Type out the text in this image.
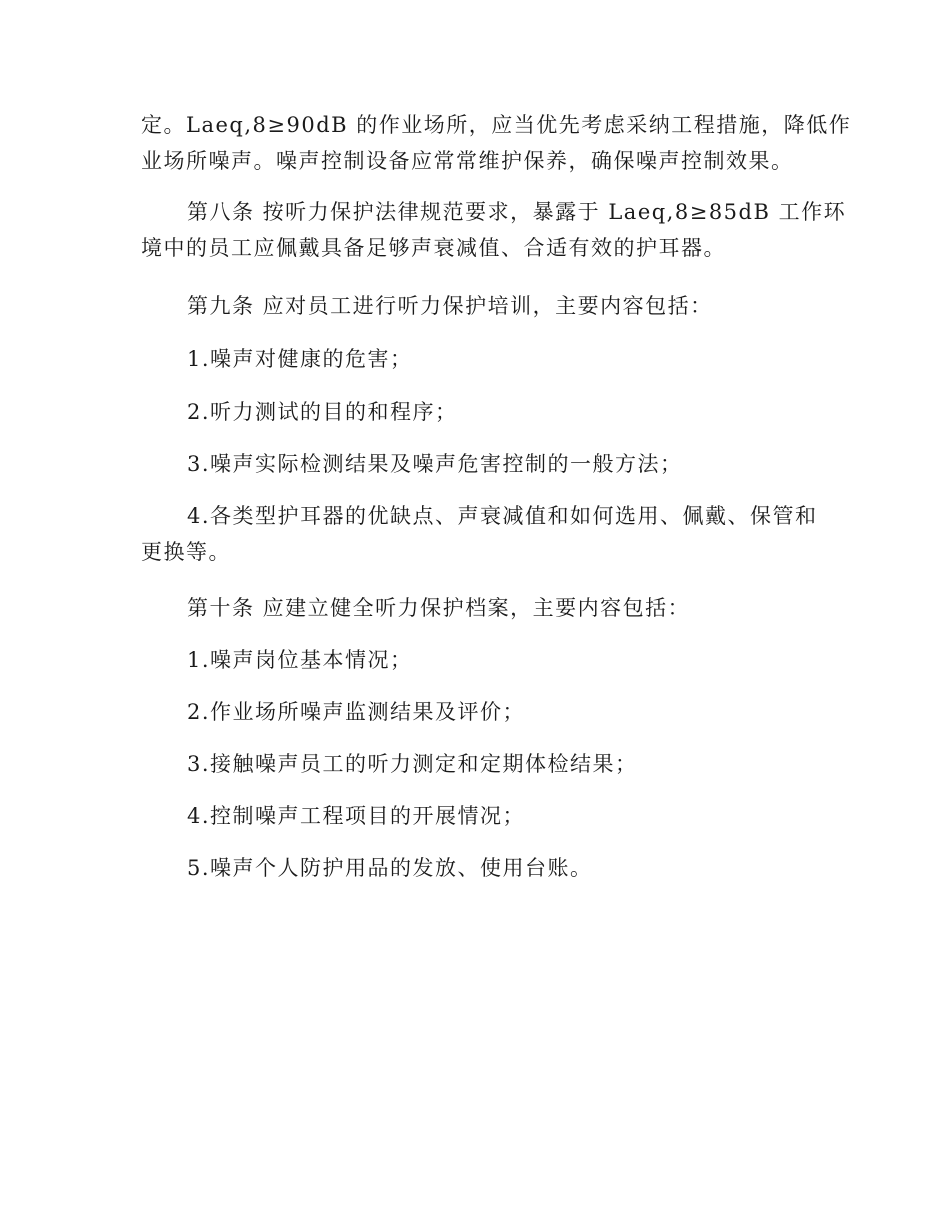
定。Laeq,8≥90dB 的作业场所，应当优先考虑采纳工程措施，降低作
业场所噪声。噪声控制设备应常常维护保养，确保噪声控制效果。

第八条 按听力保护法律规范要求，暴露于 Laeq,8≥85dB 工作环
境中的员工应佩戴具备足够声衰减值、合适有效的护耳器。

第九条 应对员工进行听力保护培训，主要内容包括：

1.噪声对健康的危害；

2.听力测试的目的和程序；

3.噪声实际检测结果及噪声危害控制的一般方法；

4.各类型护耳器的优缺点、声衰减值和如何选用、佩戴、保管和
更换等。

第十条 应建立健全听力保护档案，主要内容包括：

1.噪声岗位基本情况；

2.作业场所噪声监测结果及评价；

3.接触噪声员工的听力测定和定期体检结果；

4.控制噪声工程项目的开展情况；

5.噪声个人防护用品的发放、使用台账。
